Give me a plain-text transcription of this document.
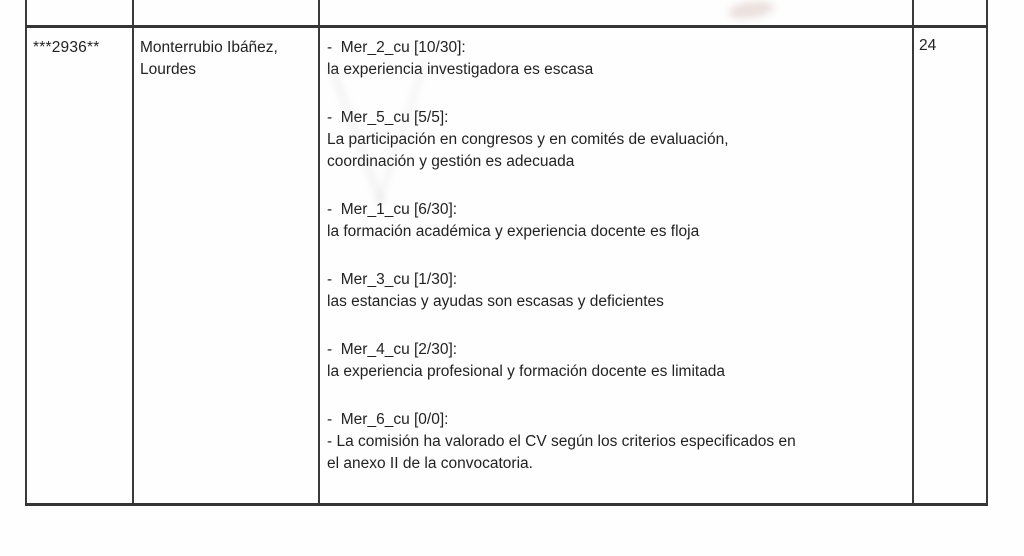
***2936**	Monterrubio Ibáñez,
Lourdes
-  Mer_2_cu [10/30]:
la experiencia investigadora es escasa
-  Mer_5_cu [5/5]:
La participación en congresos y en comités de evaluación,
coordinación y gestión es adecuada
-  Mer_1_cu [6/30]:
la formación académica y experiencia docente es floja
-  Mer_3_cu [1/30]:
las estancias y ayudas son escasas y deficientes
-  Mer_4_cu [2/30]:
la experiencia profesional y formación docente es limitada
-  Mer_6_cu [0/0]:
- La comisión ha valorado el CV según los criterios especificados en
el anexo II de la convocatoria.
24
